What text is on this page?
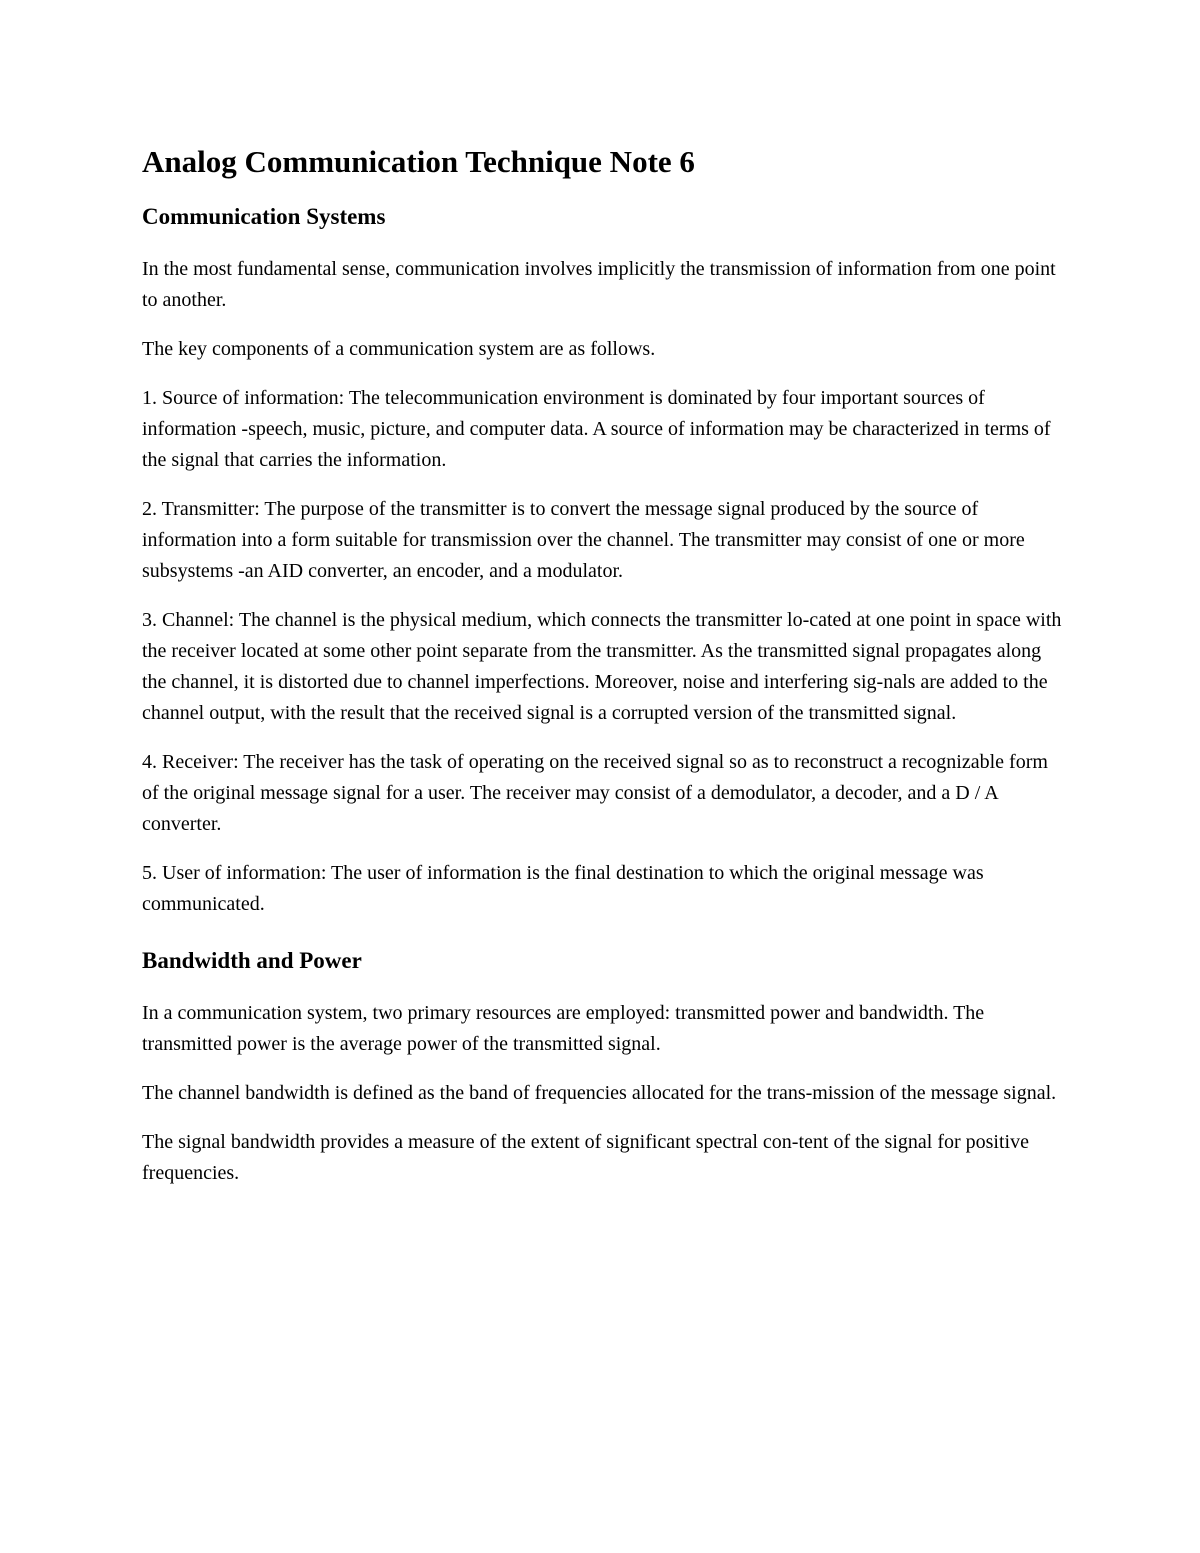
Analog Communication Technique Note 6
Communication Systems

In the most fundamental sense, communication involves implicitly the transmission of information from one point to another.

The key components of a communication system are as follows.

1. Source of information: The telecommunication environment is dominated by four important sources of information -speech, music, picture, and computer data. A source of information may be characterized in terms of the signal that carries the information.

2. Transmitter: The purpose of the transmitter is to convert the message signal produced by the source of information into a form suitable for transmission over the channel. The transmitter may consist of one or more subsystems -an AID converter, an encoder, and a modulator.

3. Channel: The channel is the physical medium, which connects the transmitter lo-cated at one point in space with the receiver located at some other point separate from the transmitter. As the transmitted signal propagates along the channel, it is distorted due to channel imperfections. Moreover, noise and interfering sig-nals are added to the channel output, with the result that the received signal is a corrupted version of the transmitted signal.

4. Receiver: The receiver has the task of operating on the received signal so as to reconstruct a recognizable form of the original message signal for a user. The receiver may consist of a demodulator, a decoder, and a D / A converter.

5. User of information: The user of information is the final destination to which the original message was communicated.

Bandwidth and Power

In a communication system, two primary resources are employed: transmitted power and bandwidth. The transmitted power is the average power of the transmitted signal.

The channel bandwidth is defined as the band of frequencies allocated for the trans-mission of the message signal.

The signal bandwidth provides a measure of the extent of significant spectral con-tent of the signal for positive frequencies.
